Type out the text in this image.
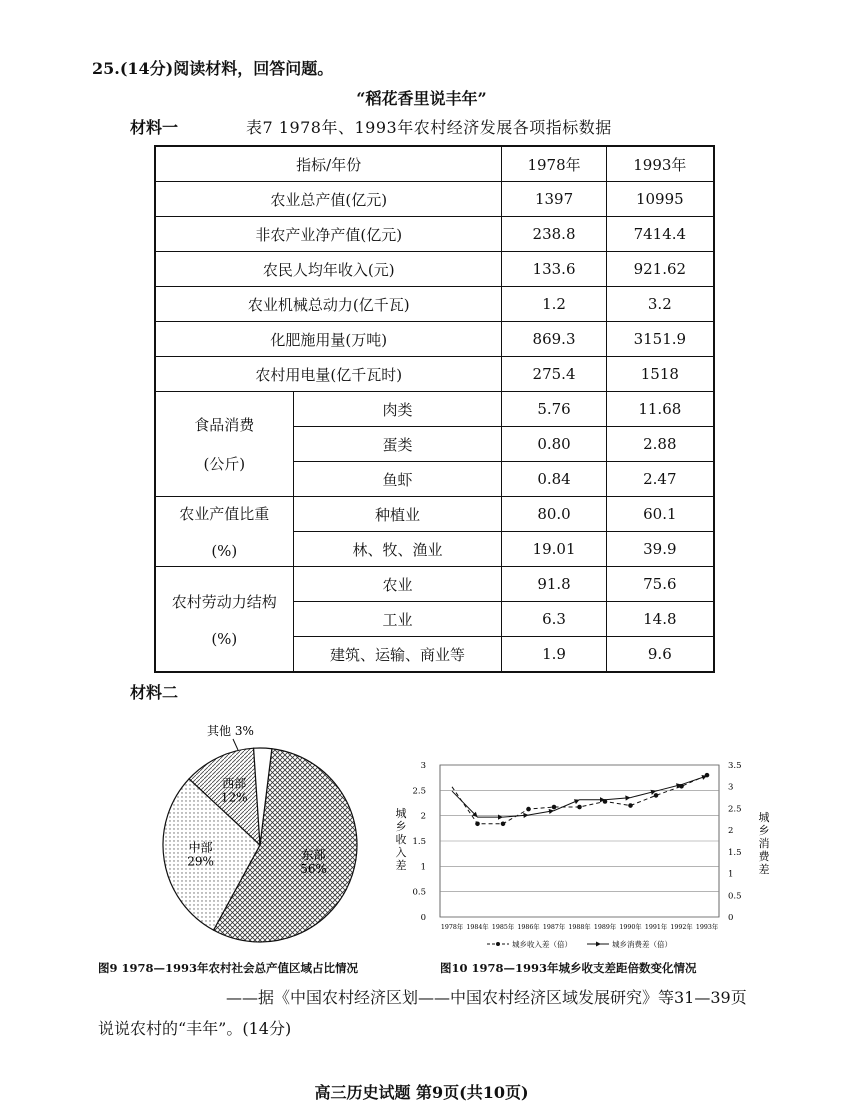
25.(14分)阅读材料，回答问题。
“稻花香里说丰年”
材料一	表7 1978年、1993年农村经济发展各项指标数据
指标/年份		1978年	1993年
农业总产值(亿元)		1397	10995
非农产业净产值(亿元)		238.8	7414.4
农民人均年收入(元)		133.6	921.62
农业机械总动力(亿千瓦)		1.2	3.2
化肥施用量(万吨)		869.3	3151.9
农村用电量(亿千瓦时)		275.4	1518
食品消费

(公斤)	肉类	5.76	11.68
	蛋类	0.80	2.88
	鱼虾	0.84	2.47
农业产值比重

(%)	种植业	80.0	60.1
	林、牧、渔业	19.01	39.9
农村劳动力结构

(%)	农业	91.8	75.6
	工业	6.3	14.8
	建筑、运输、商业等	1.9	9.6
材料二
东部
56%
中部
29%
西部
12%
其他 3%
0
0.5
1
1.5
2
2.5
3
0
0.5
1
1.5
2
2.5
3
3.5
1978年 1984年 1985年 1986年 1987年 1988年 1989年 1990年 1991年 1992年 1993年
城乡收入差（倍）	城乡消费差（倍）
城
乡
收
入
差
城
乡
消
费
差
图9 1978—1993年农村社会总产值区域占比情况	图10 1978—1993年城乡收支差距倍数变化情况
——据《中国农村经济区划——中国农村经济区域发展研究》等31—39页
说说农村的“丰年”。(14分)
高三历史试题 第9页(共10页)
